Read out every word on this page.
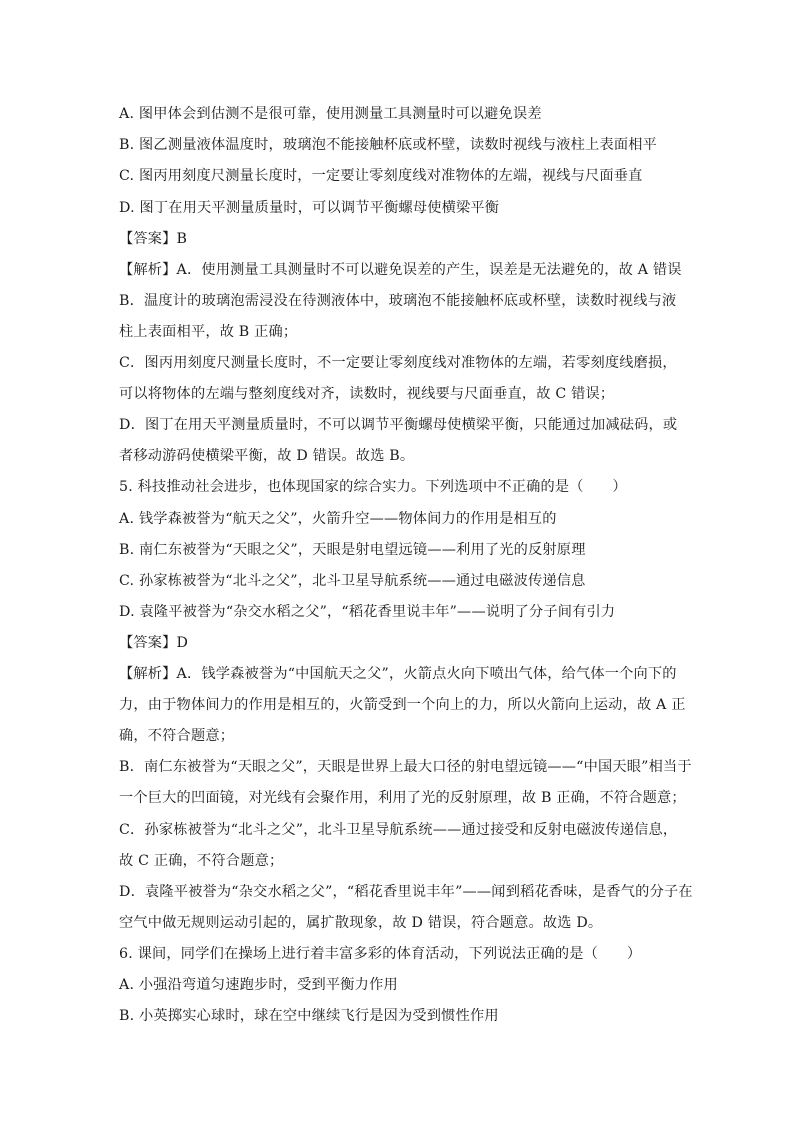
A. 图甲体会到估测不是很可靠，使用测量工具测量时可以避免误差
B. 图乙测量液体温度时，玻璃泡不能接触杯底或杯壁，读数时视线与液柱上表面相平
C. 图丙用刻度尺测量长度时，一定要让零刻度线对准物体的左端，视线与尺面垂直
D. 图丁在用天平测量质量时，可以调节平衡螺母使横梁平衡
【答案】B
【解析】A．使用测量工具测量时不可以避免误差的产生，误差是无法避免的，故 A 错误
B．温度计的玻璃泡需浸没在待测液体中，玻璃泡不能接触杯底或杯壁，读数时视线与液
柱上表面相平，故 B 正确；
C．图丙用刻度尺测量长度时，不一定要让零刻度线对准物体的左端，若零刻度线磨损，
可以将物体的左端与整刻度线对齐，读数时，视线要与尺面垂直，故 C 错误；
D．图丁在用天平测量质量时，不可以调节平衡螺母使横梁平衡，只能通过加减砝码，或
者移动游码使横梁平衡，故 D 错误。故选 B。
5. 科技推动社会进步，也体现国家的综合实力。下列选项中不正确的是（　　）
A. 钱学森被誉为“航天之父”，火箭升空——物体间力的作用是相互的
B. 南仁东被誉为“天眼之父”，天眼是射电望远镜——利用了光的反射原理
C. 孙家栋被誉为“北斗之父”，北斗卫星导航系统——通过电磁波传递信息
D. 袁隆平被誉为“杂交水稻之父”，“稻花香里说丰年”——说明了分子间有引力
【答案】D
【解析】A．钱学森被誉为“中国航天之父”，火箭点火向下喷出气体，给气体一个向下的
力，由于物体间力的作用是相互的，火箭受到一个向上的力，所以火箭向上运动，故 A 正
确，不符合题意；
B．南仁东被誉为“天眼之父”，天眼是世界上最大口径的射电望远镜——“中国天眼”相当于
一个巨大的凹面镜，对光线有会聚作用，利用了光的反射原理，故 B 正确，不符合题意；
C．孙家栋被誉为“北斗之父”，北斗卫星导航系统——通过接受和反射电磁波传递信息，
故 C 正确，不符合题意；
D．袁隆平被誉为“杂交水稻之父”，“稻花香里说丰年”——闻到稻花香味，是香气的分子在
空气中做无规则运动引起的，属扩散现象，故 D 错误，符合题意。故选 D。
6. 课间，同学们在操场上进行着丰富多彩的体育活动，下列说法正确的是（　　）
A. 小强沿弯道匀速跑步时，受到平衡力作用
B. 小英掷实心球时，球在空中继续飞行是因为受到惯性作用
